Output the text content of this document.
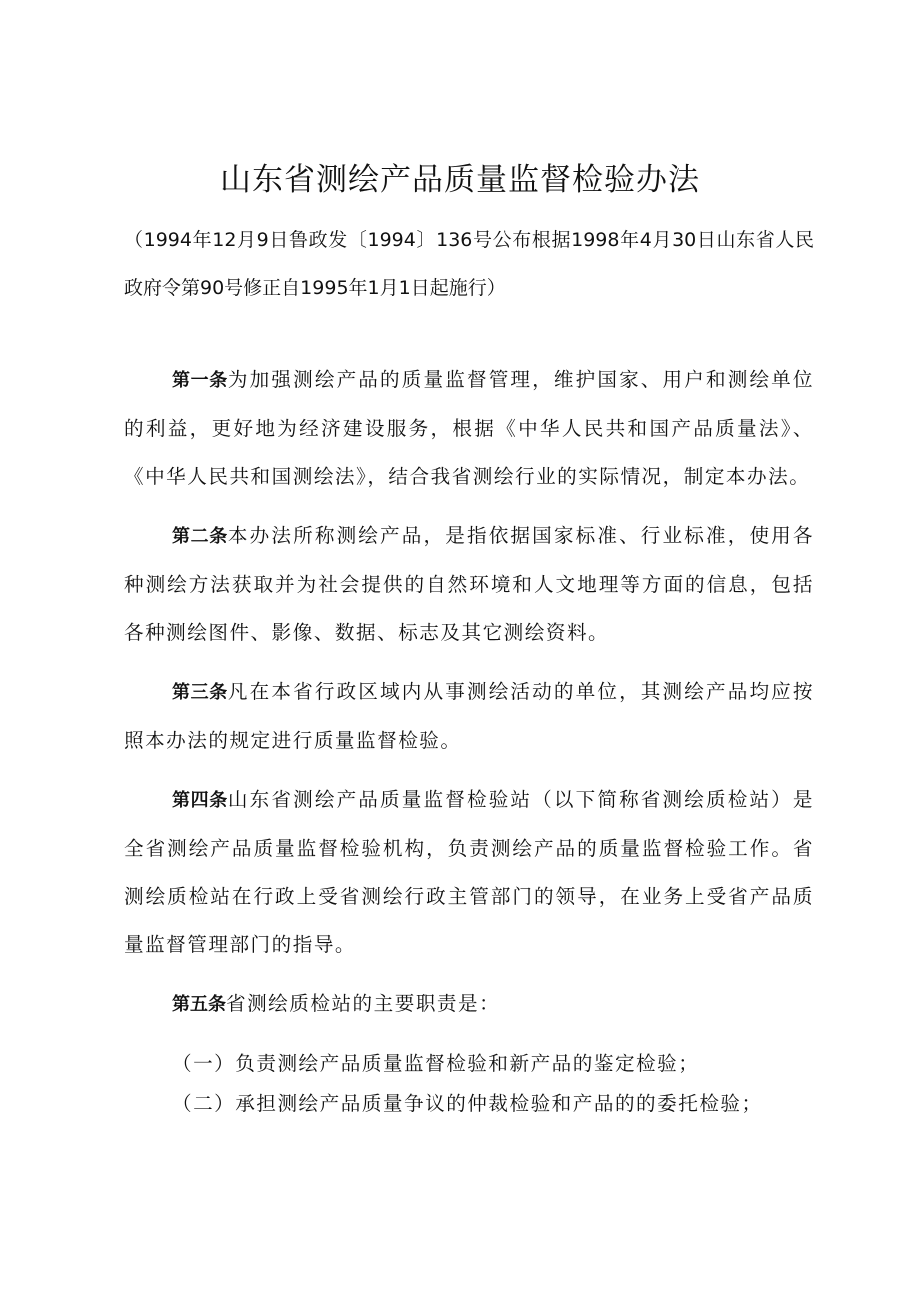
山东省测绘产品质量监督检验办法
（1994年12月9日鲁政发〔1994〕136号公布根据1998年4月30日山东省人民政府令第90号修正自1995年1月1日起施行）

第一条为加强测绘产品的质量监督管理，维护国家、用户和测绘单位的利益，更好地为经济建设服务，根据《中华人民共和国产品质量法》、《中华人民共和国测绘法》，结合我省测绘行业的实际情况，制定本办法。

第二条本办法所称测绘产品，是指依据国家标准、行业标准，使用各种测绘方法获取并为社会提供的自然环境和人文地理等方面的信息，包括各种测绘图件、影像、数据、标志及其它测绘资料。

第三条凡在本省行政区域内从事测绘活动的单位，其测绘产品均应按照本办法的规定进行质量监督检验。

第四条山东省测绘产品质量监督检验站（以下简称省测绘质检站）是全省测绘产品质量监督检验机构，负责测绘产品的质量监督检验工作。省测绘质检站在行政上受省测绘行政主管部门的领导，在业务上受省产品质量监督管理部门的指导。

第五条省测绘质检站的主要职责是：

（一）负责测绘产品质量监督检验和新产品的鉴定检验；

（二）承担测绘产品质量争议的仲裁检验和产品的的委托检验；
